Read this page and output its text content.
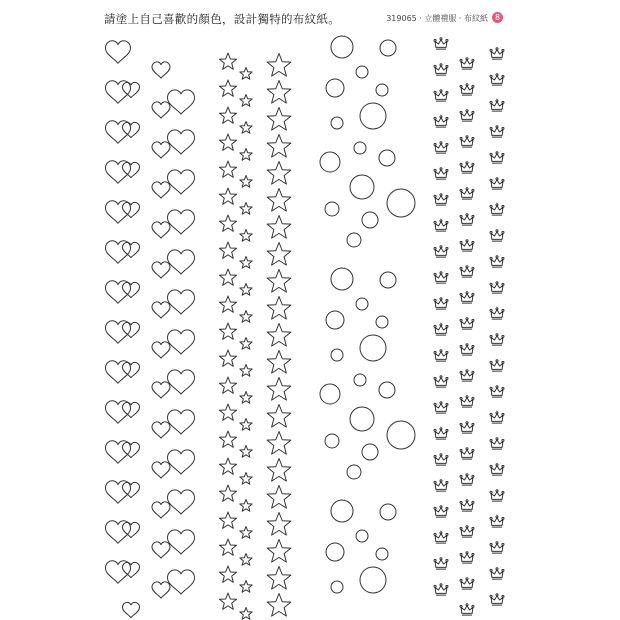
請塗上自己喜歡的顏色，設計獨特的布紋紙。	319065 · 立體禮服 · 布紋紙 8
